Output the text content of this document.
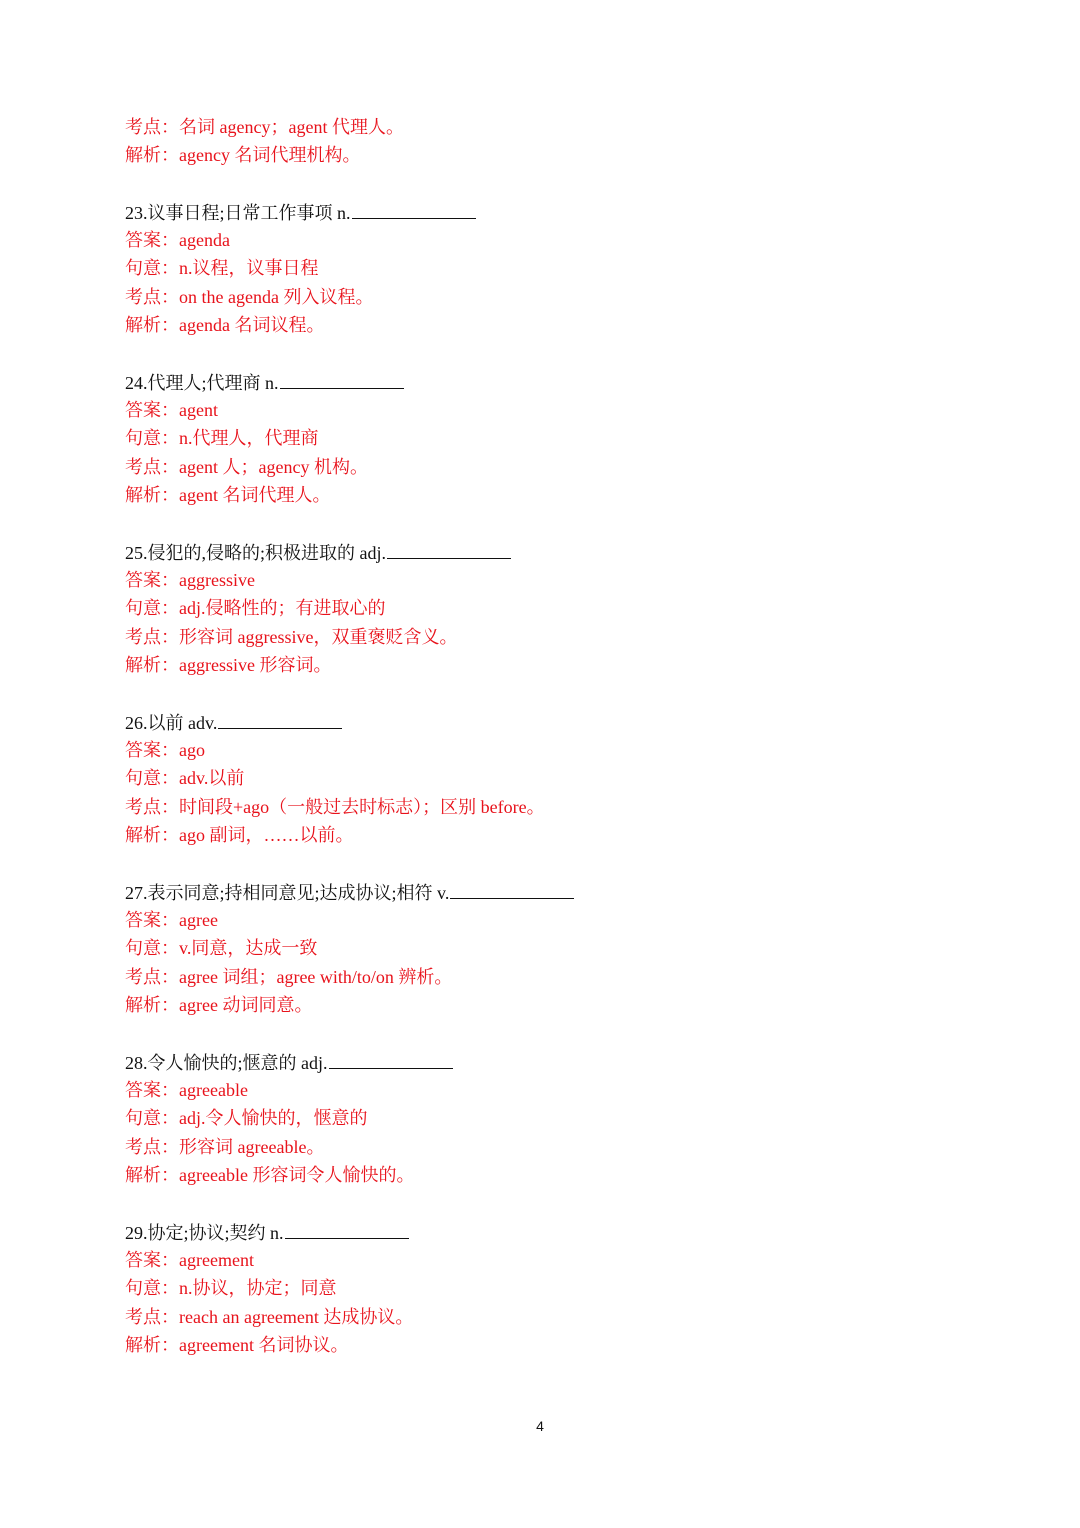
考点：名词 agency；agent 代理人。
解析：agency 名词代理机构。
23.议事日程;日常工作事项 n.
答案：agenda
句意：n.议程，议事日程
考点：on the agenda 列入议程。
解析：agenda 名词议程。
24.代理人;代理商 n.
答案：agent
句意：n.代理人，代理商
考点：agent 人；agency 机构。
解析：agent 名词代理人。
25.侵犯的,侵略的;积极进取的 adj.
答案：aggressive
句意：adj.侵略性的；有进取心的
考点：形容词 aggressive，双重褒贬含义。
解析：aggressive 形容词。
26.以前 adv.
答案：ago
句意：adv.以前
考点：时间段+ago（一般过去时标志）；区别 before。
解析：ago 副词，……以前。
27.表示同意;持相同意见;达成协议;相符 v.
答案：agree
句意：v.同意，达成一致
考点：agree 词组；agree with/to/on 辨析。
解析：agree 动词同意。
28.令人愉快的;惬意的 adj.
答案：agreeable
句意：adj.令人愉快的，惬意的
考点：形容词 agreeable。
解析：agreeable 形容词令人愉快的。
29.协定;协议;契约 n.
答案：agreement
句意：n.协议，协定；同意
考点：reach an agreement 达成协议。
解析：agreement 名词协议。
4
